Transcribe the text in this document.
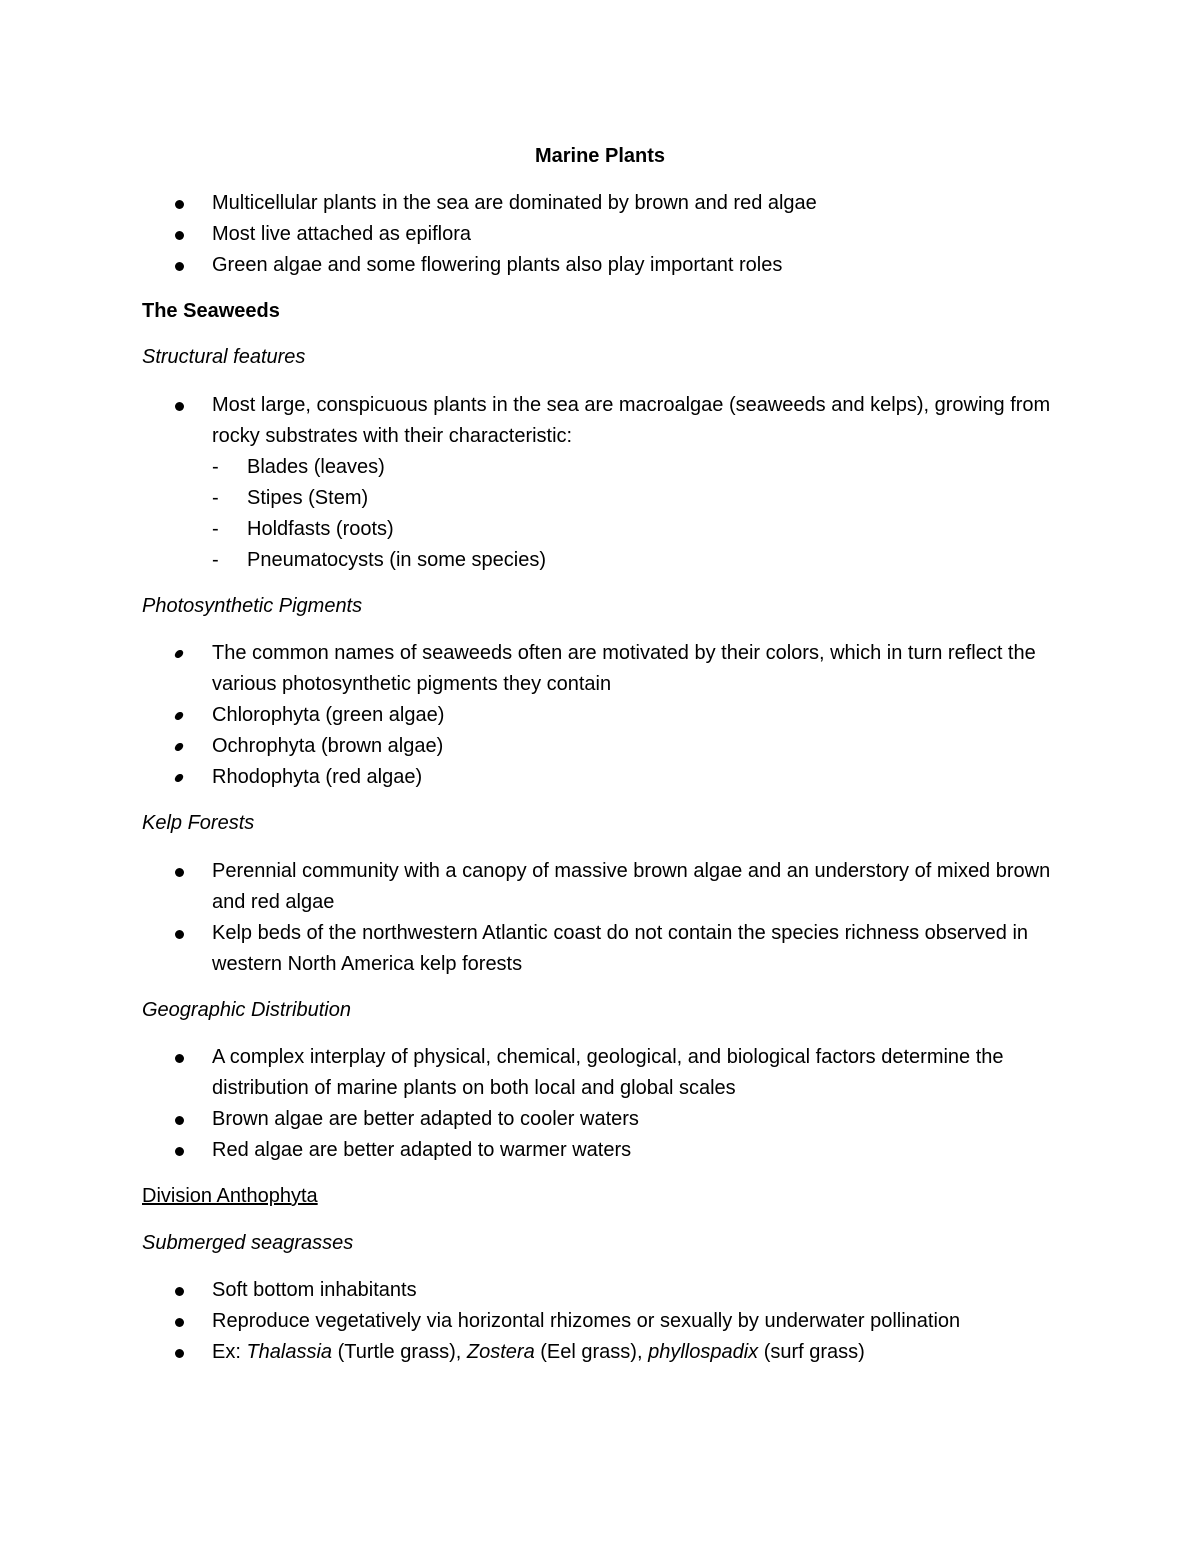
Marine Plants
Multicellular plants in the sea are dominated by brown and red algae
Most live attached as epiflora
Green algae and some flowering plants also play important roles
The Seaweeds
Structural features
Most large, conspicuous plants in the sea are macroalgae (seaweeds and kelps), growing from rocky substrates with their characteristic:
- Blades (leaves)
- Stipes (Stem)
- Holdfasts (roots)
- Pneumatocysts (in some species)
Photosynthetic Pigments
The common names of seaweeds often are motivated by their colors, which in turn reflect the various photosynthetic pigments they contain
Chlorophyta (green algae)
Ochrophyta (brown algae)
Rhodophyta (red algae)
Kelp Forests
Perennial community with a canopy of massive brown algae and an understory of mixed brown and red algae
Kelp beds of the northwestern Atlantic coast do not contain the species richness observed in western North America kelp forests
Geographic Distribution
A complex interplay of physical, chemical, geological, and biological factors determine the distribution of marine plants on both local and global scales
Brown algae are better adapted to cooler waters
Red algae are better adapted to warmer waters
Division Anthophyta
Submerged seagrasses
Soft bottom inhabitants
Reproduce vegetatively via horizontal rhizomes or sexually by underwater pollination
Ex: Thalassia (Turtle grass), Zostera (Eel grass), phyllospadix (surf grass)
